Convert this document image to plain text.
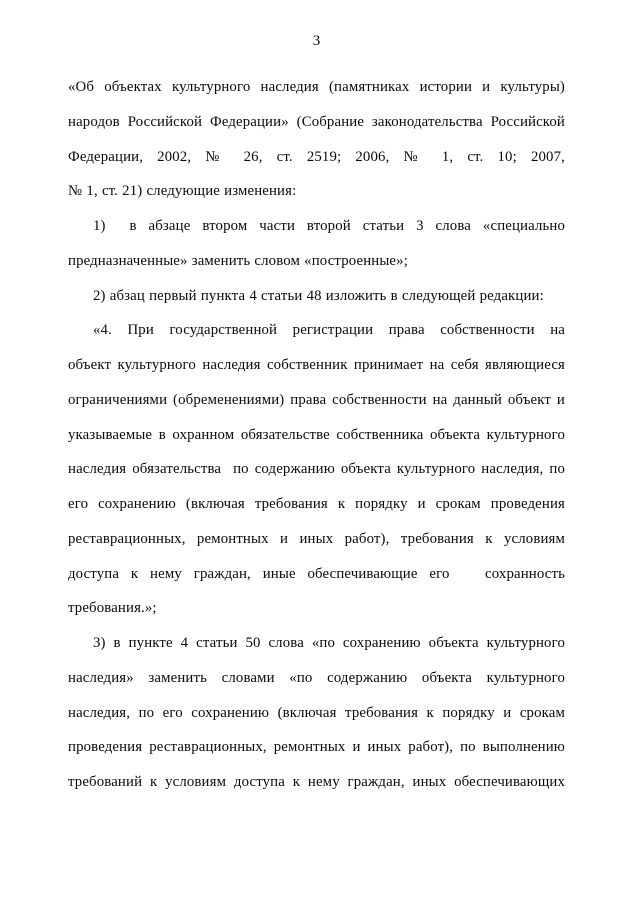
3
«Об объектах культурного наследия (памятниках истории и культуры)
народов Российской Федерации» (Собрание законодательства Российской
Федерации, 2002, № 26, ст. 2519; 2006, № 1, ст. 10; 2007,
№ 1, ст. 21) следующие изменения:
1)  в абзаце втором части второй статьи 3 слова «специально
предназначенные» заменить словом «построенные»;
2) абзац первый пункта 4 статьи 48 изложить в следующей редакции:
«4. При государственной регистрации права собственности на
объект культурного наследия собственник принимает на себя являющиеся
ограничениями (обременениями) права собственности на данный объект и
указываемые в охранном обязательстве собственника объекта культурного
наследия обязательства  по содержанию объекта культурного наследия, по
его сохранению (включая требования к порядку и срокам проведения
реставрационных, ремонтных и иных работ), требования к условиям
доступа к нему граждан, иные обеспечивающие его   сохранность
требования.»;
3) в пункте 4 статьи 50 слова «по сохранению объекта культурного
наследия» заменить словами «по содержанию объекта культурного
наследия, по его сохранению (включая требования к порядку и срокам
проведения реставрационных, ремонтных и иных работ), по выполнению
требований к условиям доступа к нему граждан, иных обеспечивающих
